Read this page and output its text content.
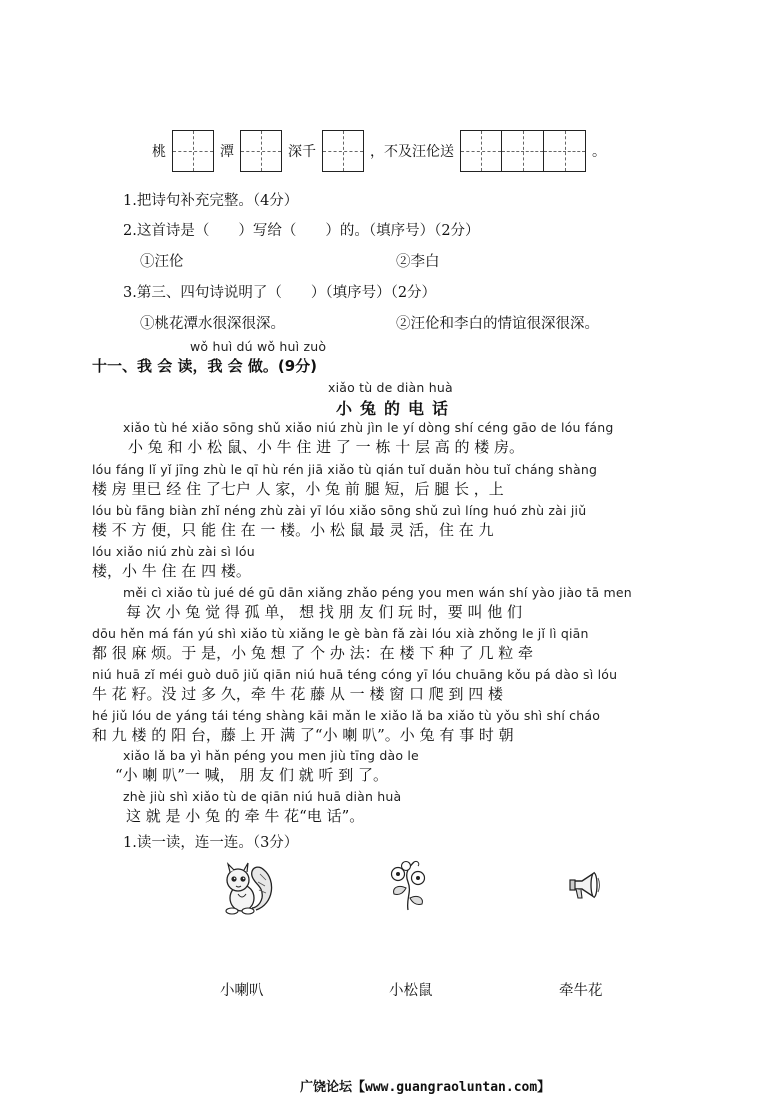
桃	潭	深千	，不及汪伦送	。
1.把诗句补充完整。（4分）
2.这首诗是（　　）写给（　　）的。（填序号）（2分）
①汪伦	②李白
3.第三、四句诗说明了（　　）（填序号）（2分）
①桃花潭水很深很深。	②汪伦和李白的情谊很深很深。
wǒ huì dú wǒ huì zuò
十一、我 会 读，我 会 做。(9分)
xiǎo tù de diàn huà
小兔的电话
xiǎo tù hé xiǎo sōng shǔ xiǎo niú zhù jìn le yí dòng shí céng gāo de lóu fáng
小 兔 和 小 松 鼠、小 牛 住 进 了 一 栋 十 层 高 的 楼 房。
lóu fáng lǐ yǐ jīng zhù le qī hù rén jiā xiǎo tù qián tuǐ duǎn hòu tuǐ cháng shàng
楼 房 里已 经 住 了七户 人 家，小 兔 前 腿 短，后 腿 长 ，上
lóu bù fāng biàn zhǐ néng zhù zài yī lóu xiǎo sōng shǔ zuì líng huó zhù zài jiǔ
楼 不 方 便，只 能 住 在 一 楼。小 松 鼠 最 灵 活，住 在 九
lóu xiǎo niú zhù zài sì lóu
楼，小 牛 住 在 四 楼。
měi cì xiǎo tù jué dé gū dān xiǎng zhǎo péng you men wán shí yào jiào tā men
每 次 小 兔 觉 得 孤 单， 想 找 朋 友 们 玩 时，要 叫 他 们
dōu hěn má fán yú shì xiǎo tù xiǎng le gè bàn fǎ zài lóu xià zhǒng le jǐ lì qiān
都 很 麻 烦。于 是，小 兔 想 了 个 办 法：在 楼 下 种 了 几 粒 牵
niú huā zǐ méi guò duō jiǔ qiān niú huā téng cóng yī lóu chuāng kǒu pá dào sì lóu
牛 花 籽。没 过 多 久，牵 牛 花 藤 从 一 楼 窗 口 爬 到 四 楼
hé jiǔ lóu de yáng tái téng shàng kāi mǎn le xiǎo lǎ ba xiǎo tù yǒu shì shí cháo
和 九 楼 的 阳 台，藤 上 开 满 了“小 喇 叭”。小 兔 有 事 时 朝
xiǎo lǎ ba yì hǎn péng you men jiù tīng dào le
“小 喇 叭”一 喊， 朋 友 们 就 听 到 了。
zhè jiù shì xiǎo tù de qiān niú huā diàn huà
这 就 是 小 兔 的 牵 牛 花“电 话”。
1.读一读，连一连。（3分）
小喇叭	小松鼠	牵牛花
广饶论坛【www.guangraoluntan.com】
